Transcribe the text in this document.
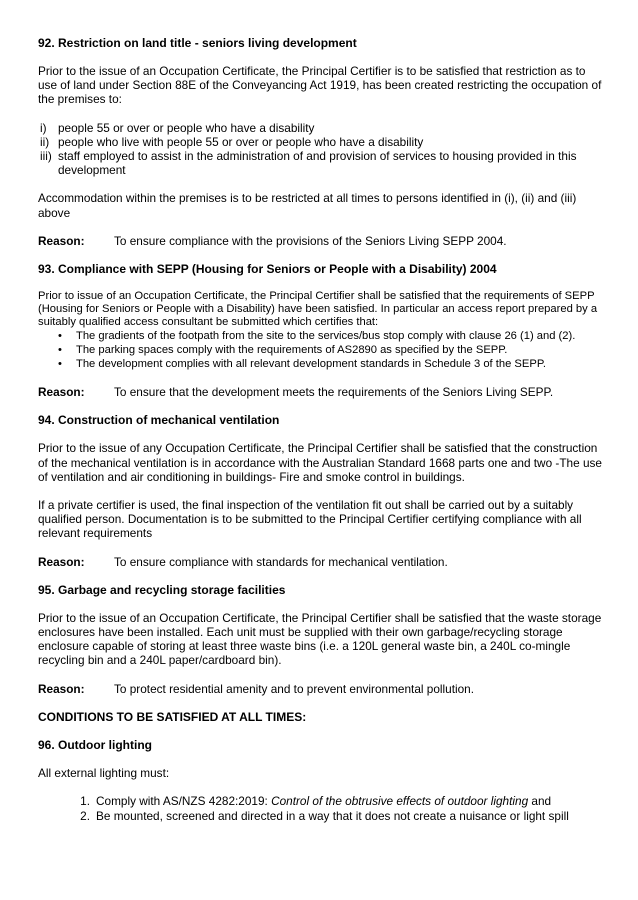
92. Restriction on land title - seniors living development

Prior to the issue of an Occupation Certificate, the Principal Certifier is to be satisfied that restriction as to use of land under Section 88E of the Conveyancing Act 1919, has been created restricting the occupation of the premises to:

i) people 55 or over or people who have a disability
ii) people who live with people 55 or over or people who have a disability
iii) staff employed to assist in the administration of and provision of services to housing provided in this development

Accommodation within the premises is to be restricted at all times to persons identified in (i), (ii) and (iii) above

Reason:	To ensure compliance with the provisions of the Seniors Living SEPP 2004.
93. Compliance with SEPP (Housing for Seniors or People with a Disability) 2004

Prior to issue of an Occupation Certificate, the Principal Certifier shall be satisfied that the requirements of SEPP (Housing for Seniors or People with a Disability) have been satisfied. In particular an access report prepared by a suitably qualified access consultant be submitted which certifies that:

•	The gradients of the footpath from the site to the services/bus stop comply with clause 26 (1) and (2).
•	The parking spaces comply with the requirements of AS2890 as specified by the SEPP.
•	The development complies with all relevant development standards in Schedule 3 of the SEPP.
Reason:	To ensure that the development meets the requirements of the Seniors Living SEPP.
94. Construction of mechanical ventilation

Prior to the issue of any Occupation Certificate, the Principal Certifier shall be satisfied that the construction of the mechanical ventilation is in accordance with the Australian Standard 1668 parts one and two -The use of ventilation and air conditioning in buildings- Fire and smoke control in buildings.

If a private certifier is used, the final inspection of the ventilation fit out shall be carried out by a suitably qualified person. Documentation is to be submitted to the Principal Certifier certifying compliance with all relevant requirements

Reason:	To ensure compliance with standards for mechanical ventilation.
95. Garbage and recycling storage facilities

Prior to the issue of an Occupation Certificate, the Principal Certifier shall be satisfied that the waste storage enclosures have been installed. Each unit must be supplied with their own garbage/recycling storage enclosure capable of storing at least three waste bins (i.e. a 120L general waste bin, a 240L co-mingle recycling bin and a 240L paper/cardboard bin).

Reason:	To protect residential amenity and to prevent environmental pollution.
CONDITIONS TO BE SATISFIED AT ALL TIMES:
96. Outdoor lighting

All external lighting must:

1. Comply with AS/NZS 4282:2019: Control of the obtrusive effects of outdoor lighting and
2. Be mounted, screened and directed in a way that it does not create a nuisance or light spill
